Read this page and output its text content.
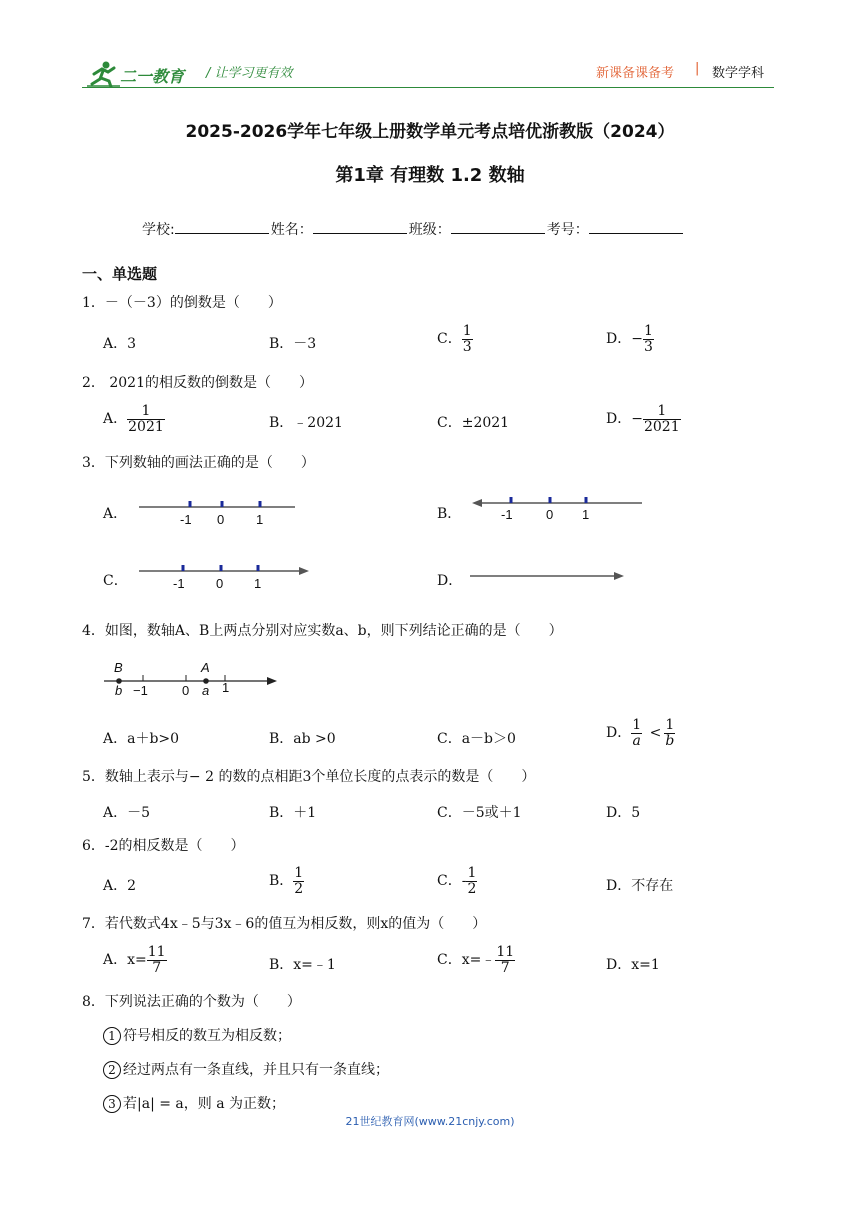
二一教育 / 让学习更有效	新课备课备考 | 数学学科
2025-2026学年七年级上册数学单元考点培优浙教版（2024）
第1章 有理数 1.2 数轴
学校:	姓名：	班级：	考号：
一、单选题
1．－（－3）的倒数是（　　）
A．3	B．－3	C． $\frac{1}{3}$	D．− $\frac{1}{3}$
2． 2021的相反数的倒数是（　　）
A． $\frac{1}{2021}$	B．﹣2021	C．±2021	D．− $\frac{1}{2021}$
3．下列数轴的画法正确的是（　　）
A．	-1 0 1	B．	-1	0 1
C．	-1 0 1	D．
4．如图，数轴A、B上两点分别对应实数a、b，则下列结论正确的是（　　）
B
b −1	0
A
a 1
A．a＋b>0	B．ab >0	C．a－b＞0	D． $\frac{1}{a} < \frac{1}{b}$
5．数轴上表示与− 2 的数的点相距3个单位长度的点表示的数是（　　）
A．－5	B．＋1	C．－5或＋1	D．5
6．-2的相反数是（　　）
A．2	B． $\frac{1}{2}$	C．- $\frac{1}{2}$	D．不存在
7．若代数式4x﹣5与3x﹣6的值互为相反数，则x的值为（　　）
A．$x= \frac{11}{7}$	B．x=﹣1	C．x=﹣ $\frac{11}{7}$	D．x=1
8．下列说法正确的个数为（　　）
1 符号相反的数互为相反数；
2 经过两点有一条直线，并且只有一条直线；
3 若|a| = a，则 a 为正数；
21世纪教育网(www.21cnjy.com)
